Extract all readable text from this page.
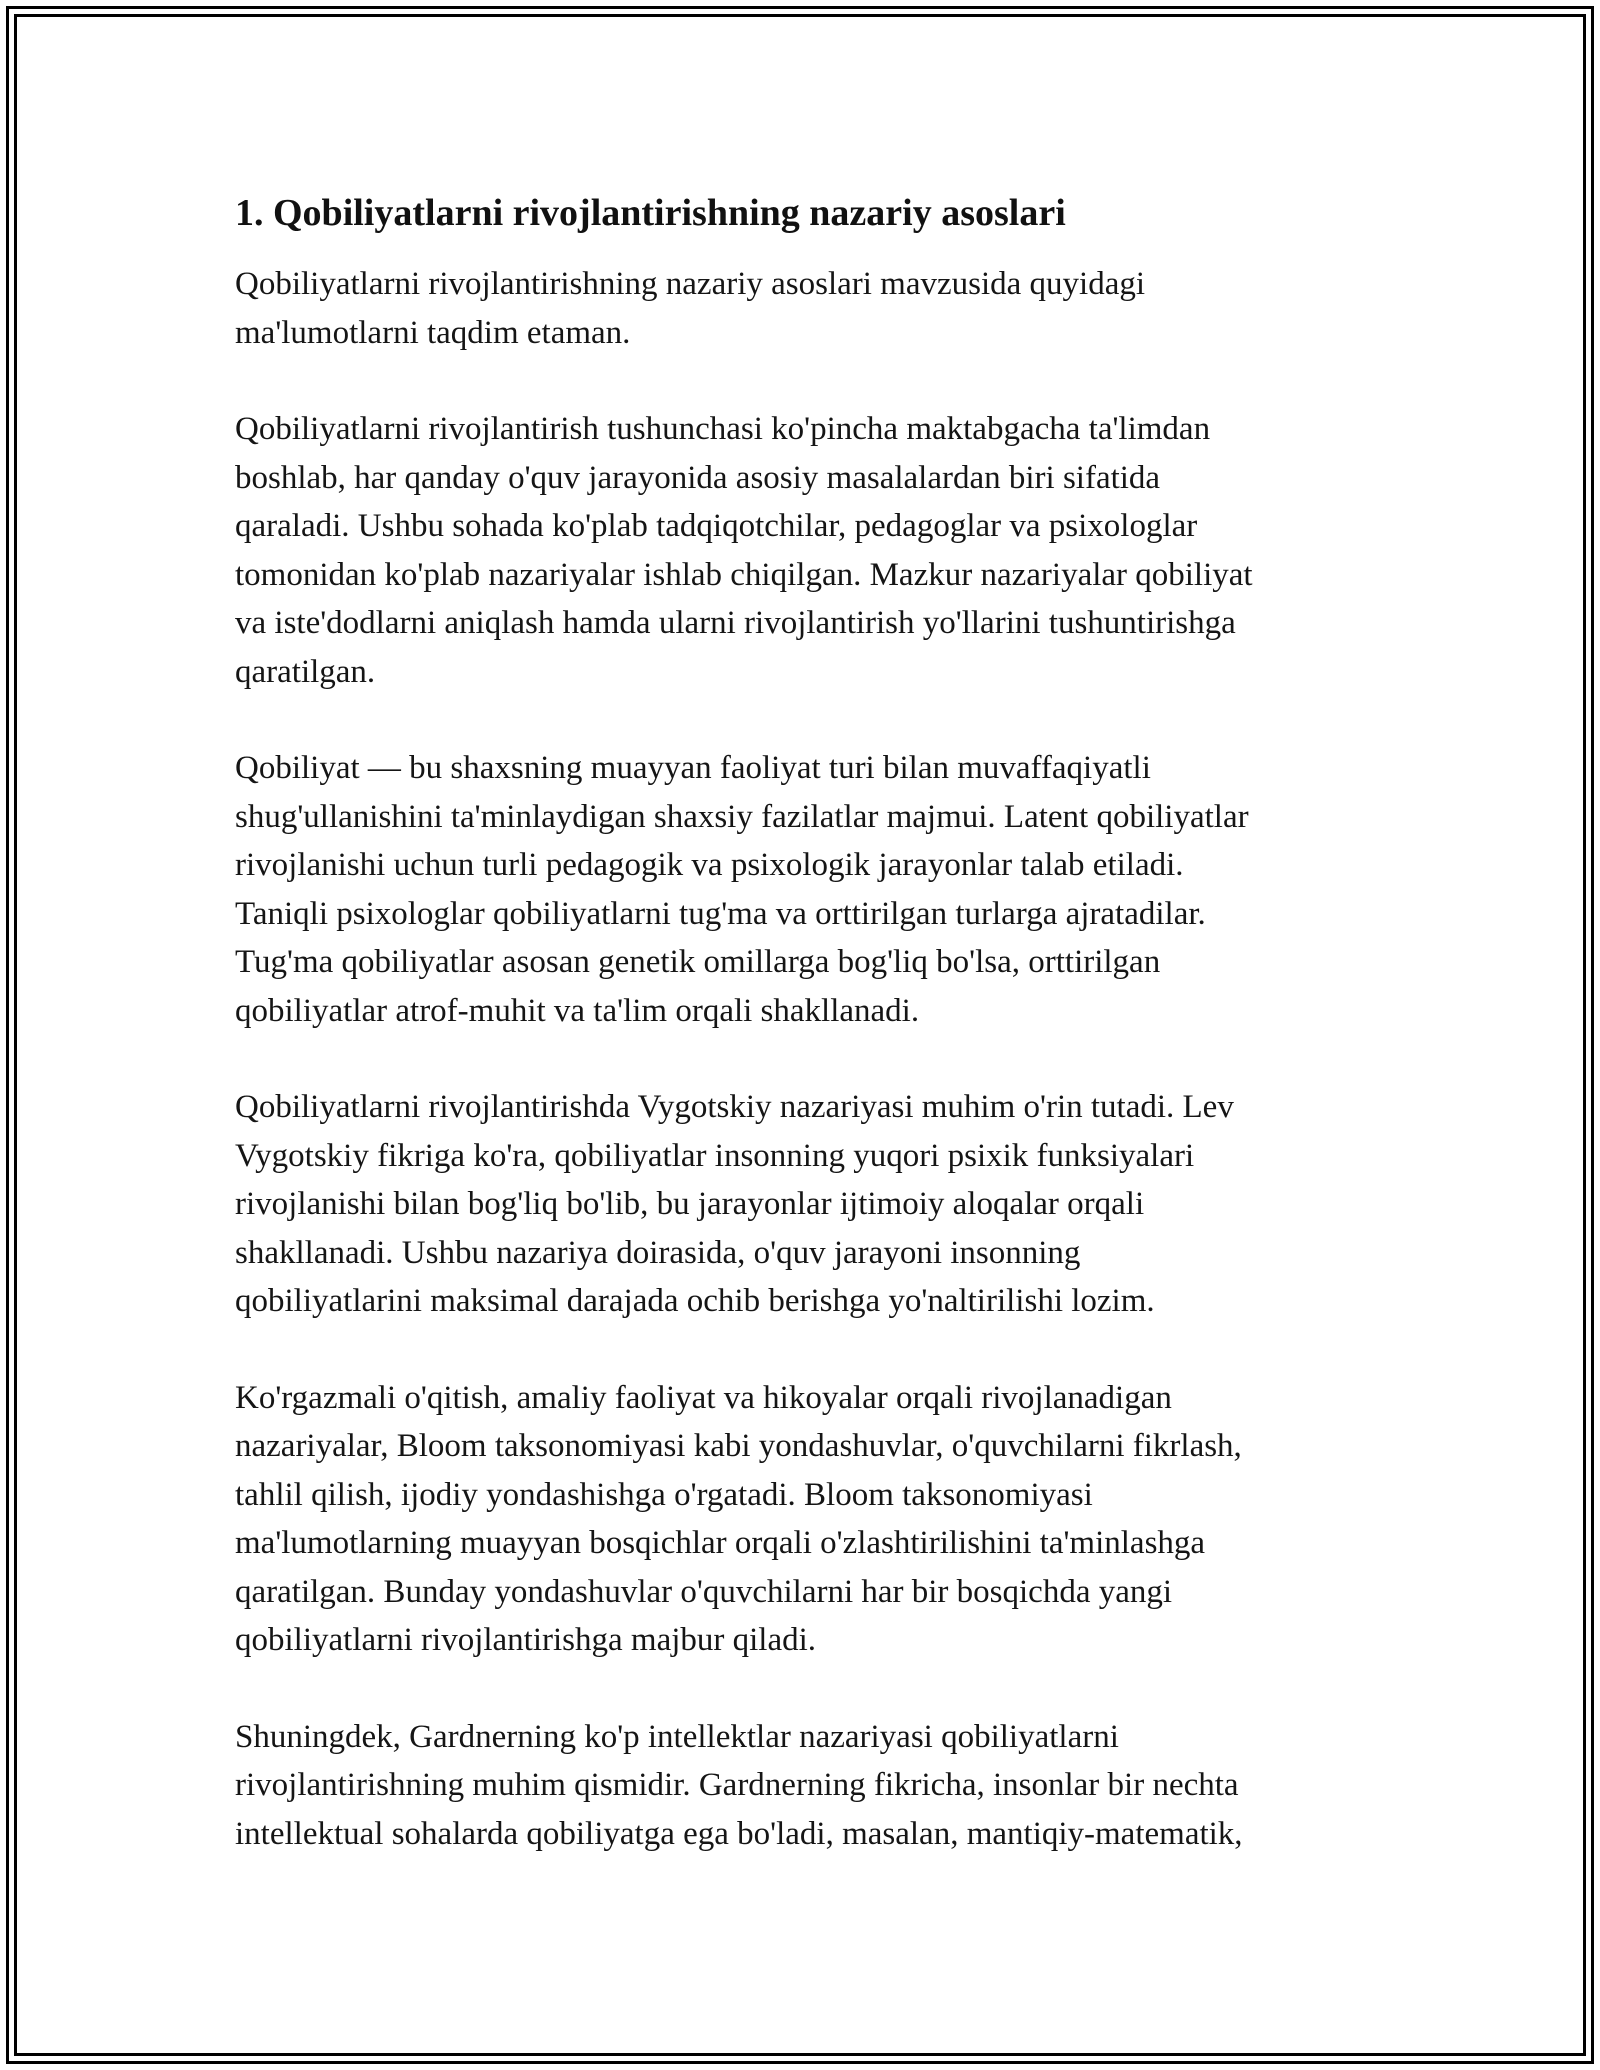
1. Qobiliyatlarni rivojlantirishning nazariy asoslari

Qobiliyatlarni rivojlantirishning nazariy asoslari mavzusida quyidagi
ma'lumotlarni taqdim etaman.

Qobiliyatlarni rivojlantirish tushunchasi ko'pincha maktabgacha ta'limdan
boshlab, har qanday o'quv jarayonida asosiy masalalardan biri sifatida
qaraladi. Ushbu sohada ko'plab tadqiqotchilar, pedagoglar va psixologlar
tomonidan ko'plab nazariyalar ishlab chiqilgan. Mazkur nazariyalar qobiliyat
va iste'dodlarni aniqlash hamda ularni rivojlantirish yo'llarini tushuntirishga
qaratilgan.

Qobiliyat — bu shaxsning muayyan faoliyat turi bilan muvaffaqiyatli
shug'ullanishini ta'minlaydigan shaxsiy fazilatlar majmui. Latent qobiliyatlar
rivojlanishi uchun turli pedagogik va psixologik jarayonlar talab etiladi.
Taniqli psixologlar qobiliyatlarni tug'ma va orttirilgan turlarga ajratadilar.
Tug'ma qobiliyatlar asosan genetik omillarga bog'liq bo'lsa, orttirilgan
qobiliyatlar atrof-muhit va ta'lim orqali shakllanadi.

Qobiliyatlarni rivojlantirishda Vygotskiy nazariyasi muhim o'rin tutadi. Lev
Vygotskiy fikriga ko'ra, qobiliyatlar insonning yuqori psixik funksiyalari
rivojlanishi bilan bog'liq bo'lib, bu jarayonlar ijtimoiy aloqalar orqali
shakllanadi. Ushbu nazariya doirasida, o'quv jarayoni insonning
qobiliyatlarini maksimal darajada ochib berishga yo'naltirilishi lozim.

Ko'rgazmali o'qitish, amaliy faoliyat va hikoyalar orqali rivojlanadigan
nazariyalar, Bloom taksonomiyasi kabi yondashuvlar, o'quvchilarni fikrlash,
tahlil qilish, ijodiy yondashishga o'rgatadi. Bloom taksonomiyasi
ma'lumotlarning muayyan bosqichlar orqali o'zlashtirilishini ta'minlashga
qaratilgan. Bunday yondashuvlar o'quvchilarni har bir bosqichda yangi
qobiliyatlarni rivojlantirishga majbur qiladi.

Shuningdek, Gardnerning ko'p intellektlar nazariyasi qobiliyatlarni
rivojlantirishning muhim qismidir. Gardnerning fikricha, insonlar bir nechta
intellektual sohalarda qobiliyatga ega bo'ladi, masalan, mantiqiy-matematik,
